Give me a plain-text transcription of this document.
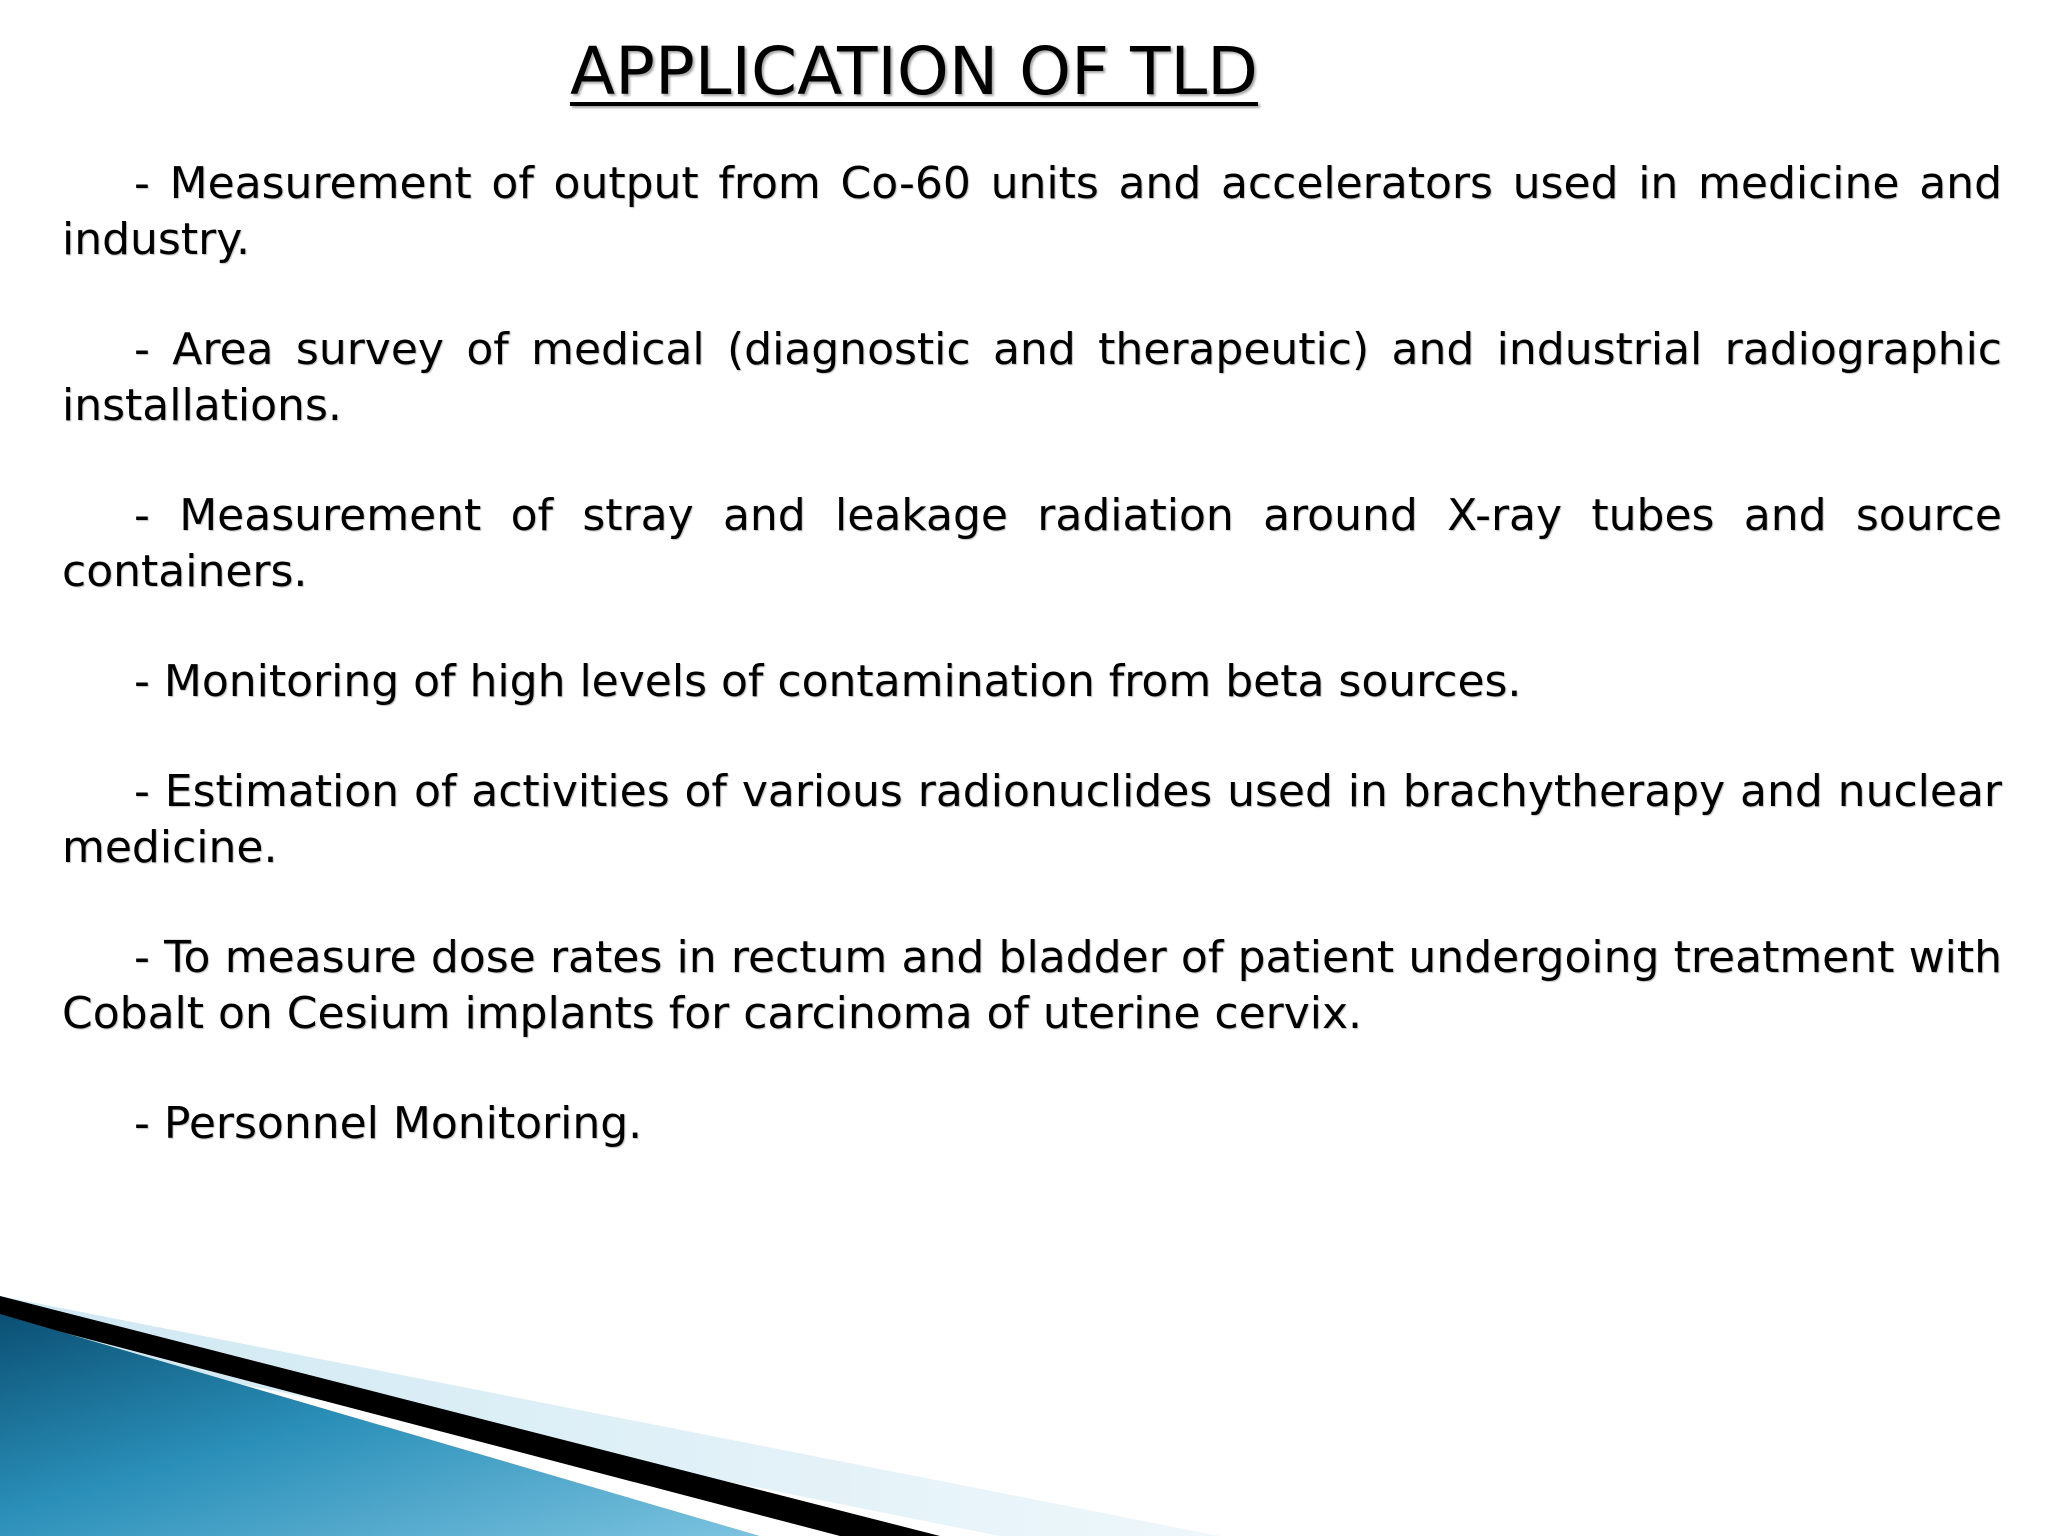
APPLICATION OF TLD

- Measurement of output from Co-60 units and accelerators used in medicine and industry.

- Area survey of medical (diagnostic and therapeutic) and industrial radiographic installations.

- Measurement of stray and leakage radiation around X-ray tubes and source containers.

- Monitoring of high levels of contamination from beta sources.

- Estimation of activities of various radionuclides used in brachytherapy and nuclear medicine.

- To measure dose rates in rectum and bladder of patient undergoing treatment with Cobalt on Cesium implants for carcinoma of uterine cervix.

- Personnel Monitoring.
